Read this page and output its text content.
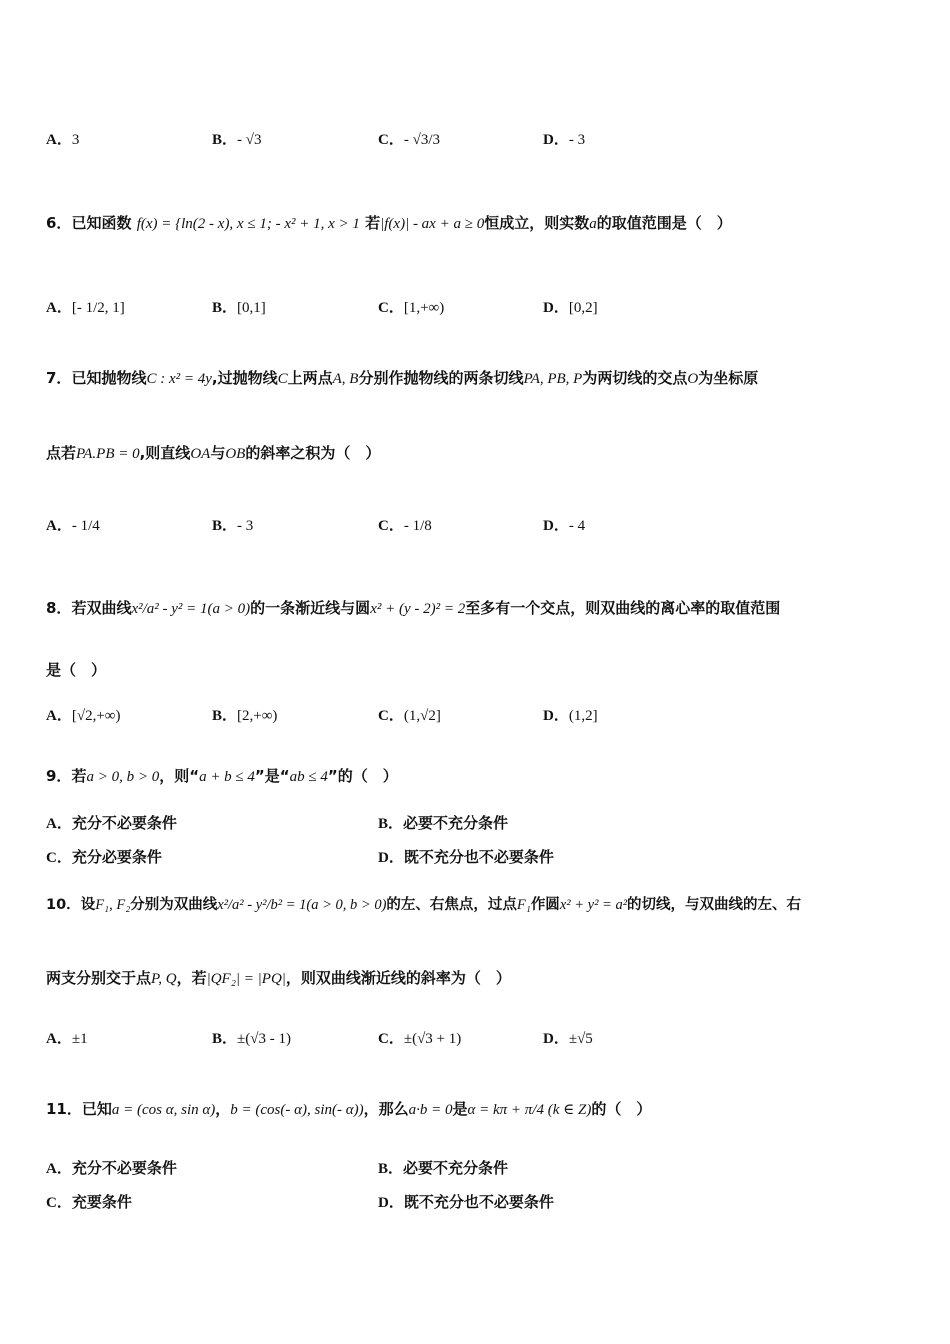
A．3	B．- √3	C．- √3/3	D．- 3
6．已知函数 f(x) = {ln(2 - x), x ≤ 1; - x² + 1, x > 1 若|f(x)| - ax + a ≥ 0恒成立，则实数a的取值范围是（　）
A．[- 1/2, 1]	B．[0,1]	C．[1,+∞)	D．[0,2]
7．已知抛物线C : x² = 4y,过抛物线C上两点A, B分别作抛物线的两条切线PA, PB, P为两切线的交点O为坐标原
点若PA.PB = 0,则直线OA与OB的斜率之积为（　）
A．- 1/4	B．- 3	C．- 1/8	D．- 4
8．若双曲线x²/a² - y² = 1(a > 0)的一条渐近线与圆x² + (y - 2)² = 2至多有一个交点，则双曲线的离心率的取值范围
是（　）
A．[√2,+∞)	B．[2,+∞)	C．(1,√2]	D．(1,2]
9．若a > 0, b > 0，则“a + b ≤ 4”是“ab ≤ 4”的（　）
A．充分不必要条件	B．必要不充分条件
C．充分必要条件	D．既不充分也不必要条件
10．设F₁, F₂分别为双曲线x²/a² - y²/b² = 1(a > 0, b > 0)的左、右焦点，过点F₁作圆x² + y² = a²的切线，与双曲线的左、右
两支分别交于点P, Q，若|QF₂| = |PQ|，则双曲线渐近线的斜率为（　）
A．±1	B．±(√3 - 1)	C．±(√3 + 1)	D．±√5
11．已知a = (cos α, sin α)，b = (cos(- α), sin(- α))，那么a·b = 0是α = kπ + π/4 (k ∈ Z)的（　）
A．充分不必要条件	B．必要不充分条件
C．充要条件	D．既不充分也不必要条件
